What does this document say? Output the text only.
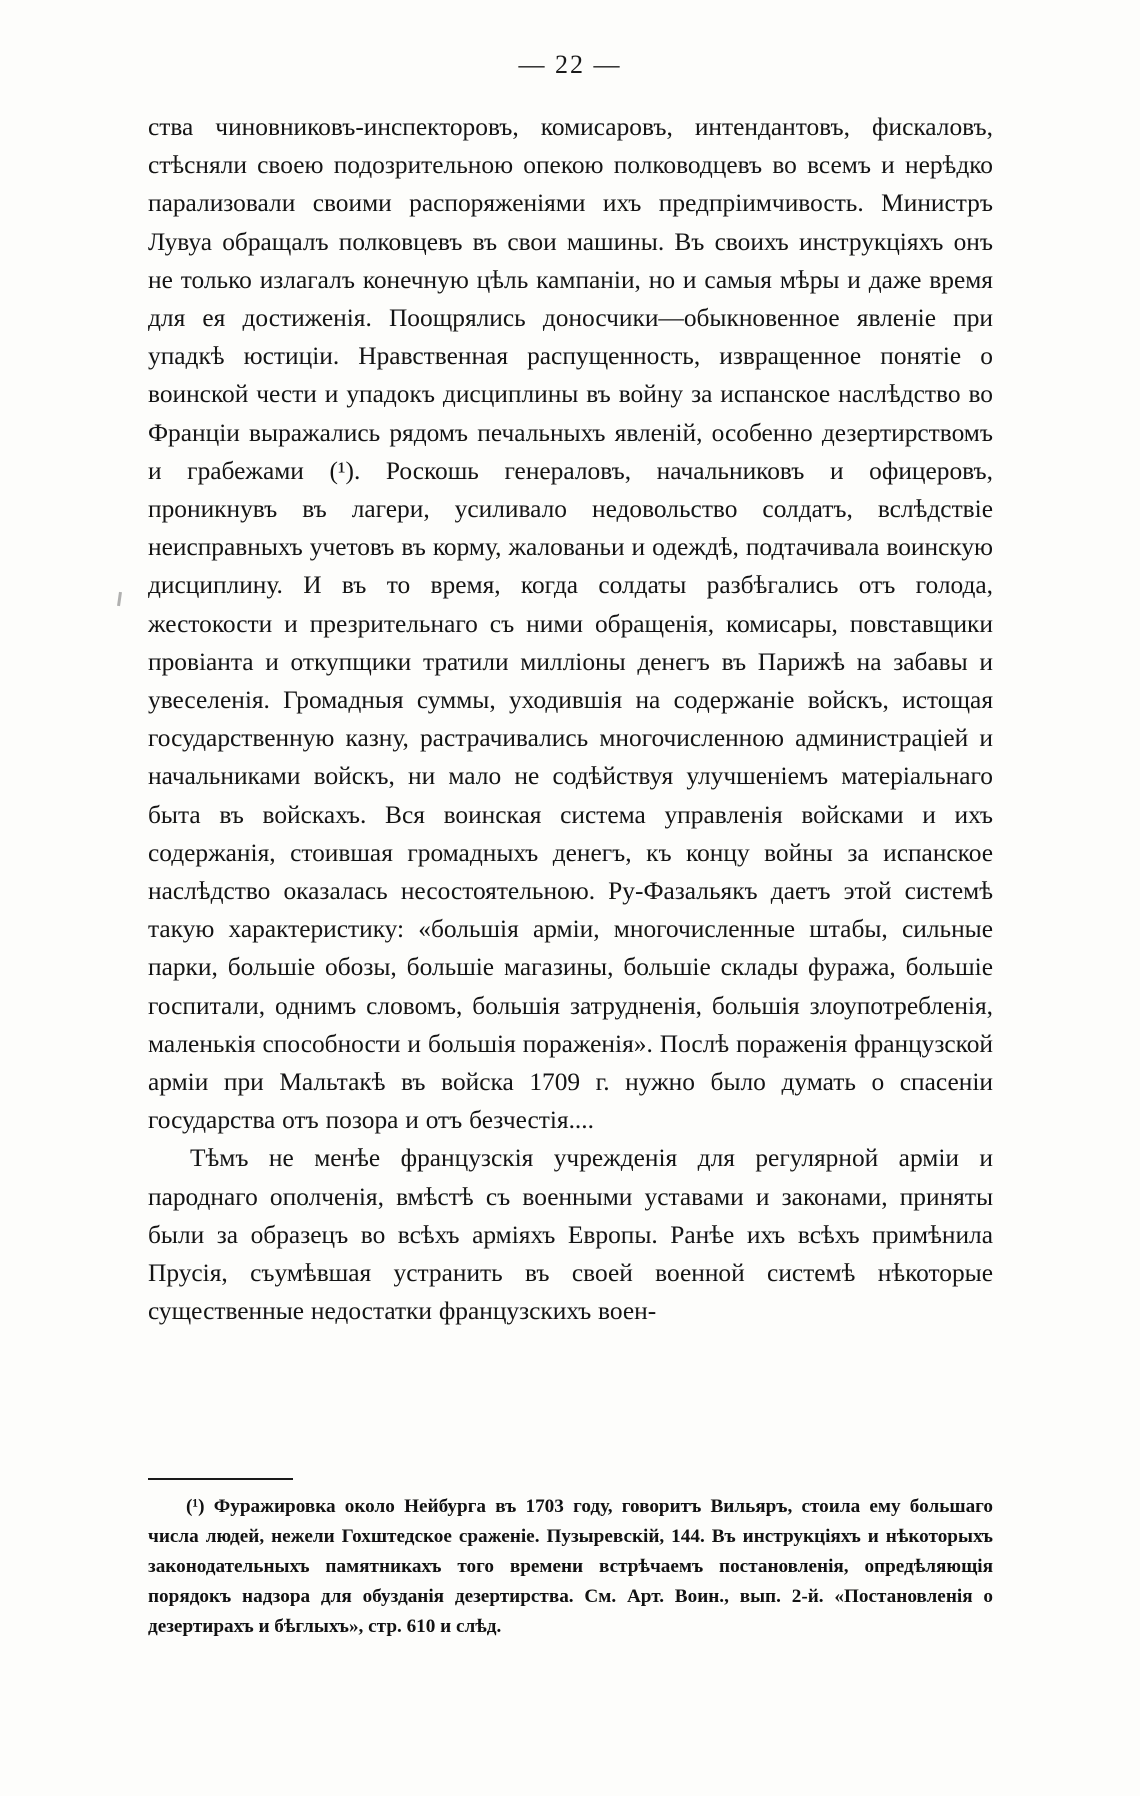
— 22 —

ства чиновниковъ-инспекторовъ, комисаровъ, интендантовъ, фискаловъ, стѣсняли своею подозрительною опекою полководцевъ во всемъ и нерѣдко парализовали своими распоряженіями ихъ предпріимчивость. Министръ Лувуа обращалъ полковцевъ въ свои машины. Въ своихъ инструкціяхъ онъ не только излагалъ конечную цѣль кампаніи, но и самыя мѣры и даже время для ея достиженія. Поощрялись доносчики—обыкновенное явленіе при упадкѣ юстиціи. Нравственная распущенность, извращенное понятіе о воинской чести и упадокъ дисциплины въ войну за испанское наслѣдство во Франціи выражались рядомъ печальныхъ явленій, особенно дезертирствомъ и грабежами (¹). Роскошь генераловъ, начальниковъ и офицеровъ, проникнувъ въ лагери, усиливало недовольство солдатъ, вслѣдствіе неисправныхъ учетовъ въ корму, жалованьи и одеждѣ, подтачивала воинскую дисциплину. И въ то время, когда солдаты разбѣгались отъ голода, жестокости и презрительнаго съ ними обращенія, комисары, повставщики провіанта и откупщики тратили милліоны денегъ въ Парижѣ на забавы и увеселенія. Громадныя суммы, уходившія на содержаніе войскъ, истощая государственную казну, растрачивались многочисленною администраціей и начальниками войскъ, ни мало не содѣйствуя улучшеніемъ матеріальнаго быта въ войскахъ. Вся воинская система управленія войсками и ихъ содержанія, стоившая громадныхъ денегъ, къ концу войны за испанское наслѣдство оказалась несостоятельною. Ру-Фазальякъ даетъ этой системѣ такую характеристику: «большія арміи, многочисленные штабы, сильные парки, большіе обозы, большіе магазины, большіе склады фуража, большіе госпитали, однимъ словомъ, большія затрудненія, большія злоупотребленія, маленькія способности и большія пораженія». Послѣ пораженія французской арміи при Мальтакѣ въ войска 1709 г. нужно было думать о спасеніи государства отъ позора и отъ безчестія....

Тѣмъ не менѣе французскія учрежденія для регулярной арміи и пароднаго ополченія, вмѣстѣ съ военными уставами и законами, приняты были за образецъ во всѣхъ арміяхъ Европы. Ранѣе ихъ всѣхъ примѣнила Прусія, съумѣвшая устранить въ своей военной системѣ нѣкоторые существенные недостатки французскихъ воен-

(¹) Фуражировка около Нейбурга въ 1703 году, говоритъ Вильяръ, стоила ему большаго числа людей, нежели Гохштедское сраженіе. Пузыревскій, 144. Въ инструкціяхъ и нѣкоторыхъ законодательныхъ памятникахъ того времени встрѣчаемъ постановленія, опредѣляющія порядокъ надзора для обузданія дезертирства. См. Арт. Воин., вып. 2-й. «Постановленія о дезертирахъ и бѣглыхъ», стр. 610 и слѣд.
